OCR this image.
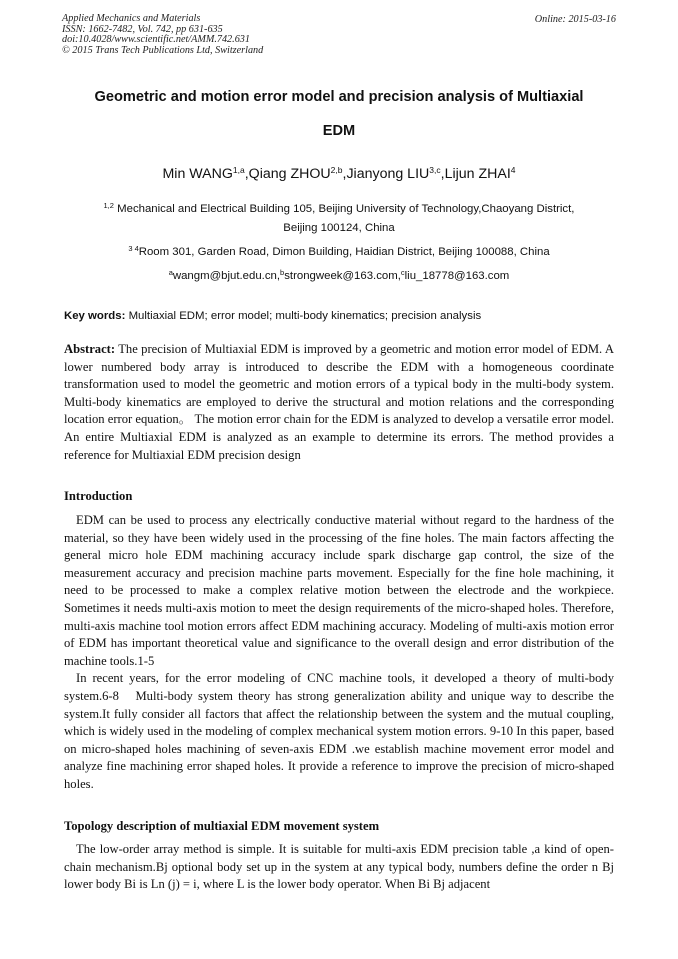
Applied Mechanics and Materials
ISSN: 1662-7482, Vol. 742, pp 631-635
doi:10.4028/www.scientific.net/AMM.742.631
© 2015 Trans Tech Publications Ltd, Switzerland
Online: 2015-03-16
Geometric and motion error model and precision analysis of Multiaxial
EDM
Min WANG$^{1,a}$,Qiang ZHOU$^{2,b}$,Jianyong LIU$^{3,c}$,Lijun ZHAI$^4$
$^{1,2}$ Mechanical and Electrical Building 105, Beijing University of Technology,Chaoyang District,
Beijing 100124, China
$^{3 4}$Room 301, Garden Road, Dimon Building, Haidian District, Beijing 100088, China
$^a$wangm@bjut.edu.cn,$^b$strongweek@163.com,$^c$liu_18778@163.com
Key words: Multiaxial EDM; error model; multi-body kinematics; precision analysis
Abstract: The precision of Multiaxial EDM is improved by a geometric and motion error model of EDM. A lower numbered body array is introduced to describe the EDM with a homogeneous coordinate transformation used to model the geometric and motion errors of a typical body in the multi-body system. Multi-body kinematics are employed to derive the structural and motion relations and the corresponding location error equation。 The motion error chain for the EDM is analyzed to develop a versatile error model. An entire Multiaxial EDM is analyzed as an example to determine its errors. The method provides a reference for Multiaxial EDM precision design
Introduction

EDM can be used to process any electrically conductive material without regard to the hardness of the material, so they have been widely used in the processing of the fine holes. The main factors affecting the general micro hole EDM machining accuracy include spark discharge gap control, the size of the measurement accuracy and precision machine parts movement. Especially for the fine hole machining, it need to be processed to make a complex relative motion between the electrode and the workpiece. Sometimes it needs multi-axis motion to meet the design requirements of the micro-shaped holes. Therefore, multi-axis machine tool motion errors affect EDM machining accuracy. Modeling of multi-axis motion error of EDM has important theoretical value and significance to the overall design and error distribution of the machine tools.1-5

In recent years, for the error modeling of CNC machine tools, it developed a theory of multi-body system.6-8　Multi-body system theory has strong generalization ability and unique way to describe the system.It fully consider all factors that affect the relationship between the system and the mutual coupling, which is widely used in the modeling of complex mechanical system motion errors. 9-10 In this paper, based on micro-shaped holes machining of seven-axis EDM .we establish machine movement error model and analyze fine machining error shaped holes. It provide a reference to improve the precision of micro-shaped holes.

Topology description of multiaxial EDM movement system

The low-order array method is simple. It is suitable for multi-axis EDM precision table ,a kind of open-chain mechanism.Bj optional body set up in the system at any typical body, numbers define the order n Bj lower body Bi is Ln (j) = i, where L is the lower body operator. When Bi Bj adjacent
